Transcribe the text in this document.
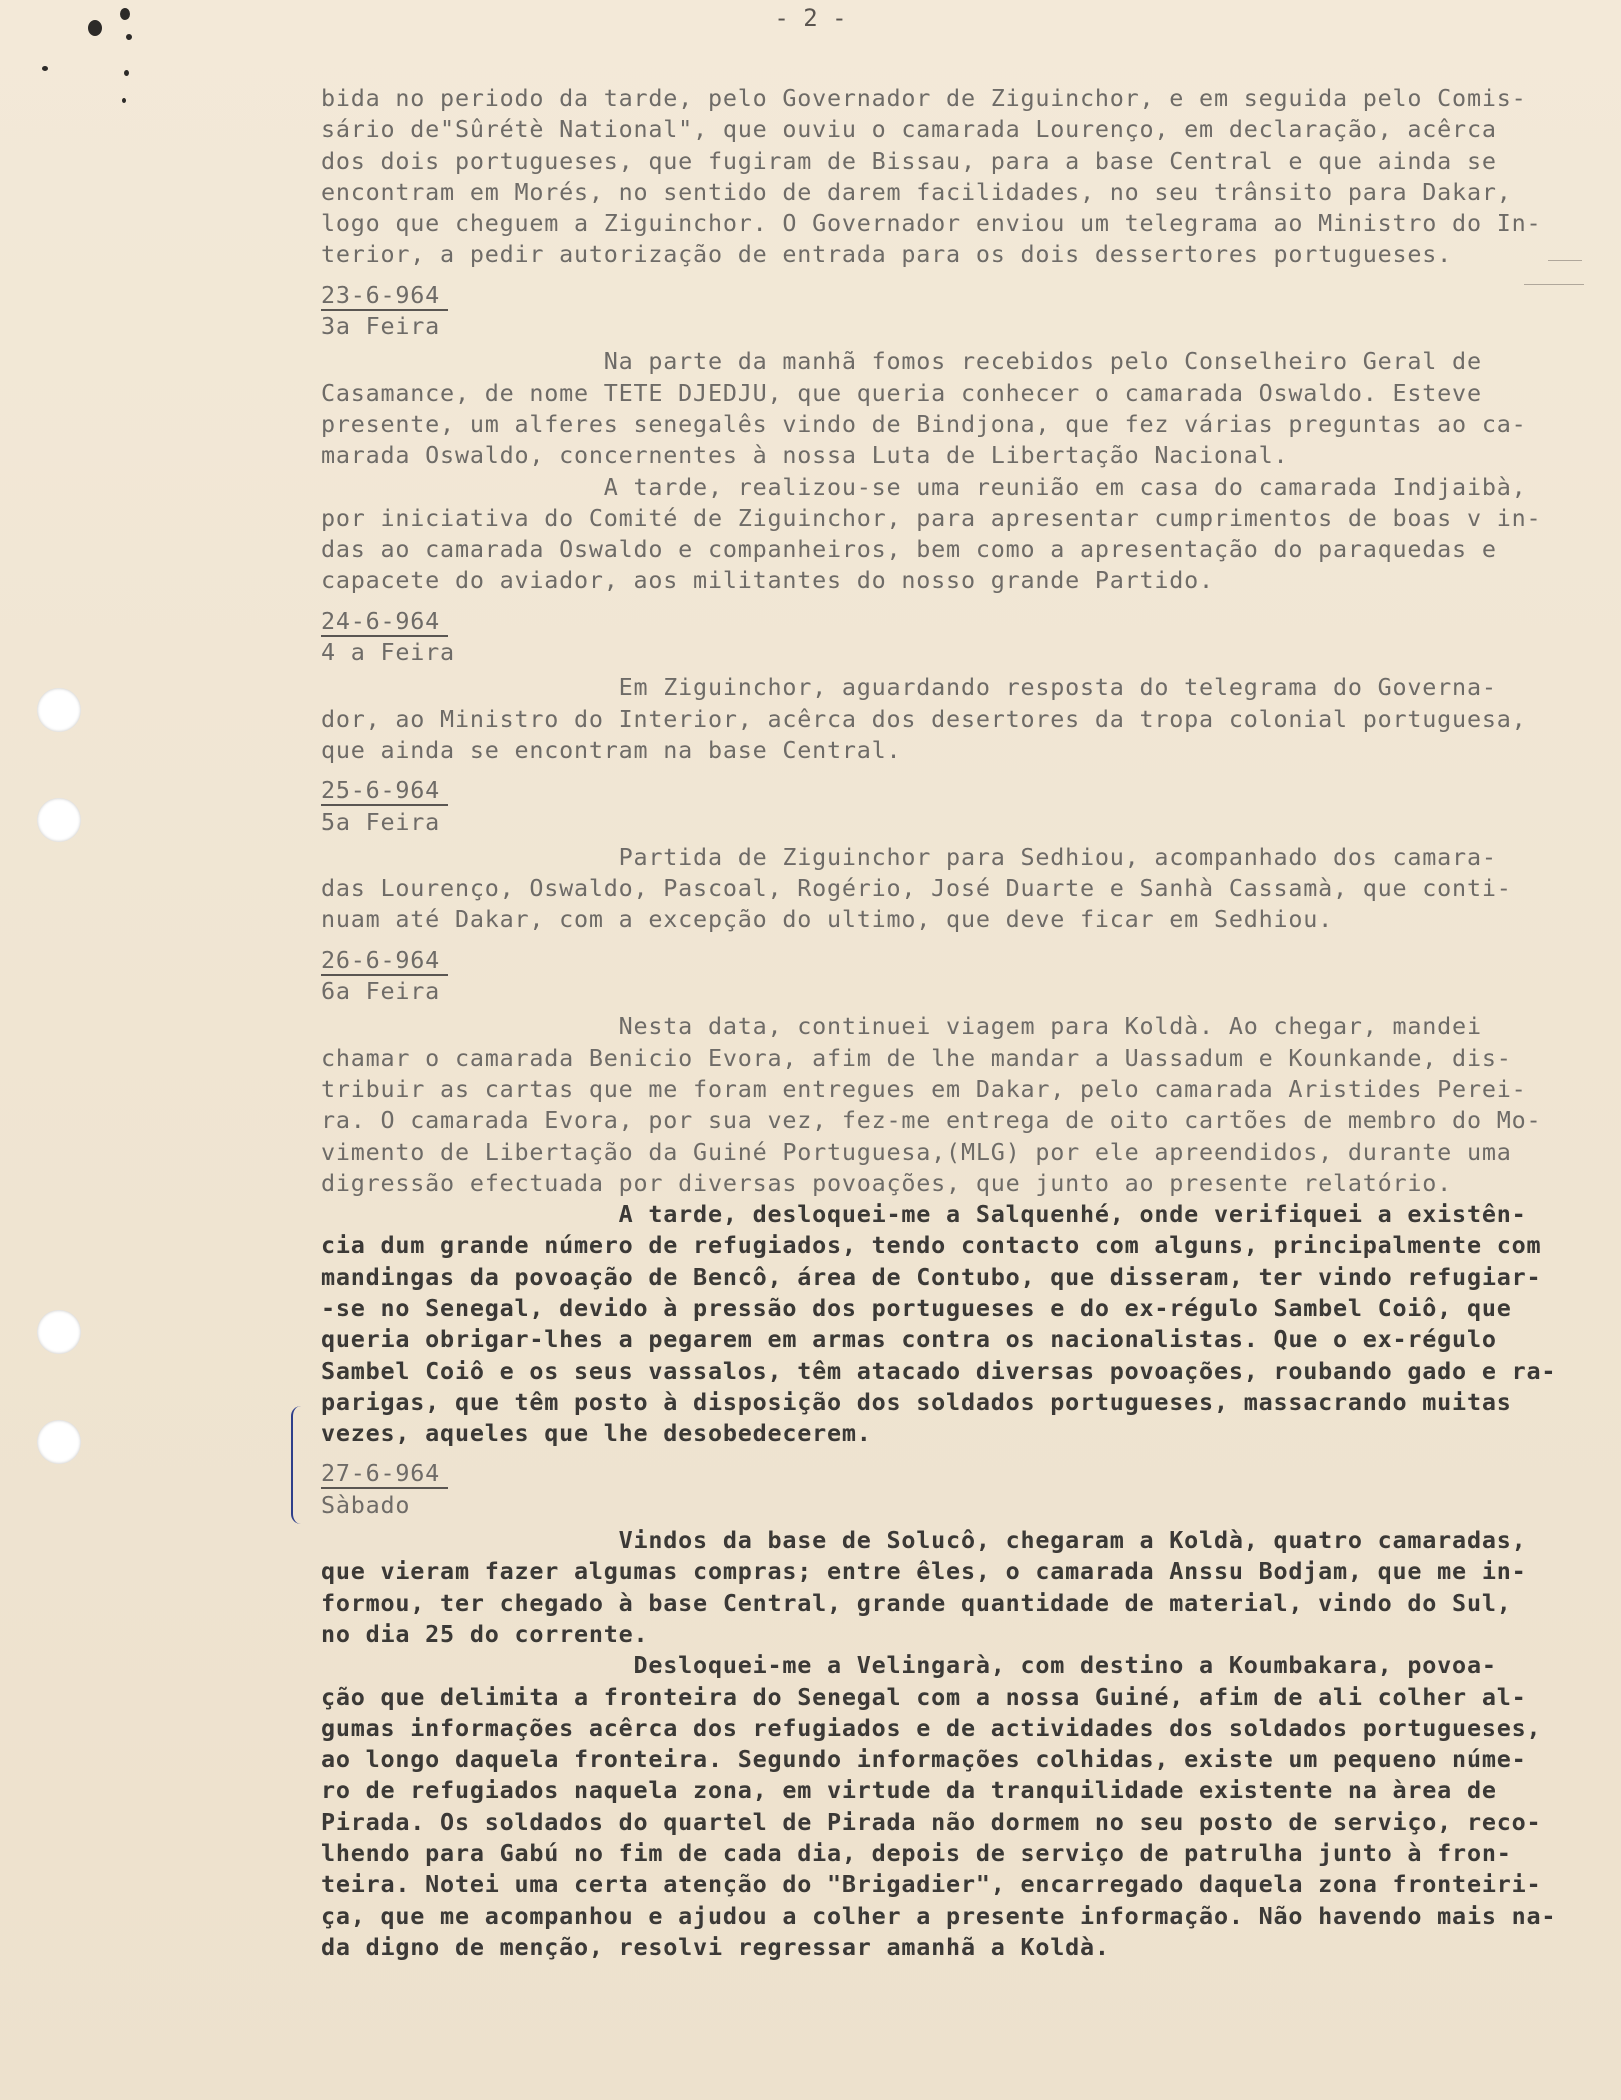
- 2 -
bida no periodo da tarde, pelo Governador de Ziguinchor, e em seguida pelo Comis-
sário de"Sûrétè National", que ouviu o camarada Lourenço, em declaração, acêrca
dos dois portugueses, que fugiram de Bissau, para a base Central e que ainda se
encontram em Morés, no sentido de darem facilidades, no seu trânsito para Dakar,
logo que cheguem a Ziguinchor. O Governador enviou um telegrama ao Ministro do In-
terior, a pedir autorização de entrada para os dois dessertores portugueses.
23-6-964
3a Feira
Na parte da manhã fomos recebidos pelo Conselheiro Geral de
Casamance, de nome TETE DJEDJU, que queria conhecer o camarada Oswaldo. Esteve
presente, um alferes senegalês vindo de Bindjona, que fez várias preguntas ao ca-
marada Oswaldo, concernentes à nossa Luta de Libertação Nacional.
A tarde, realizou-se uma reunião em casa do camarada Indjaibà,
por iniciativa do Comité de Ziguinchor, para apresentar cumprimentos de boas v in-
das ao camarada Oswaldo e companheiros, bem como a apresentação do paraquedas e
capacete do aviador, aos militantes do nosso grande Partido.
24-6-964
4 a Feira
Em Ziguinchor, aguardando resposta do telegrama do Governa-
dor, ao Ministro do Interior, acêrca dos desertores da tropa colonial portuguesa,
que ainda se encontram na base Central.
25-6-964
5a Feira
Partida de Ziguinchor para Sedhiou, acompanhado dos camara-
das Lourenço, Oswaldo, Pascoal, Rogério, José Duarte e Sanhà Cassamà, que conti-
nuam até Dakar, com a excepção do ultimo, que deve ficar em Sedhiou.
26-6-964
6a Feira
Nesta data, continuei viagem para Koldà. Ao chegar, mandei
chamar o camarada Benicio Evora, afim de lhe mandar a Uassadum e Kounkande, dis-
tribuir as cartas que me foram entregues em Dakar, pelo camarada Aristides Perei-
ra. O camarada Evora, por sua vez, fez-me entrega de oito cartões de membro do Mo-
vimento de Libertação da Guiné Portuguesa,(MLG) por ele apreendidos, durante uma
digressão efectuada por diversas povoações, que junto ao presente relatório.
A tarde, desloquei-me a Salquenhé, onde verifiquei a existên-
cia dum grande número de refugiados, tendo contacto com alguns, principalmente com
mandingas da povoação de Bencô, área de Contubo, que disseram, ter vindo refugiar-
-se no Senegal, devido à pressão dos portugueses e do ex-régulo Sambel Coiô, que
queria obrigar-lhes a pegarem em armas contra os nacionalistas. Que o ex-régulo
Sambel Coiô e os seus vassalos, têm atacado diversas povoações, roubando gado e ra-
parigas, que têm posto à disposição dos soldados portugueses, massacrando muitas
vezes, aqueles que lhe desobedecerem.
27-6-964
Sàbado
Vindos da base de Solucô, chegaram a Koldà, quatro camaradas,
que vieram fazer algumas compras; entre êles, o camarada Anssu Bodjam, que me in-
formou, ter chegado à base Central, grande quantidade de material, vindo do Sul,
no dia 25 do corrente.
Desloquei-me a Velingarà, com destino a Koumbakara, povoa-
ção que delimita a fronteira do Senegal com a nossa Guiné, afim de ali colher al-
gumas informações acêrca dos refugiados e de actividades dos soldados portugueses,
ao longo daquela fronteira. Segundo informações colhidas, existe um pequeno núme-
ro de refugiados naquela zona, em virtude da tranquilidade existente na àrea de
Pirada. Os soldados do quartel de Pirada não dormem no seu posto de serviço, reco-
lhendo para Gabú no fim de cada dia, depois de serviço de patrulha junto à fron-
teira. Notei uma certa atenção do "Brigadier", encarregado daquela zona fronteiri-
ça, que me acompanhou e ajudou a colher a presente informação. Não havendo mais na-
da digno de menção, resolvi regressar amanhã a Koldà.
